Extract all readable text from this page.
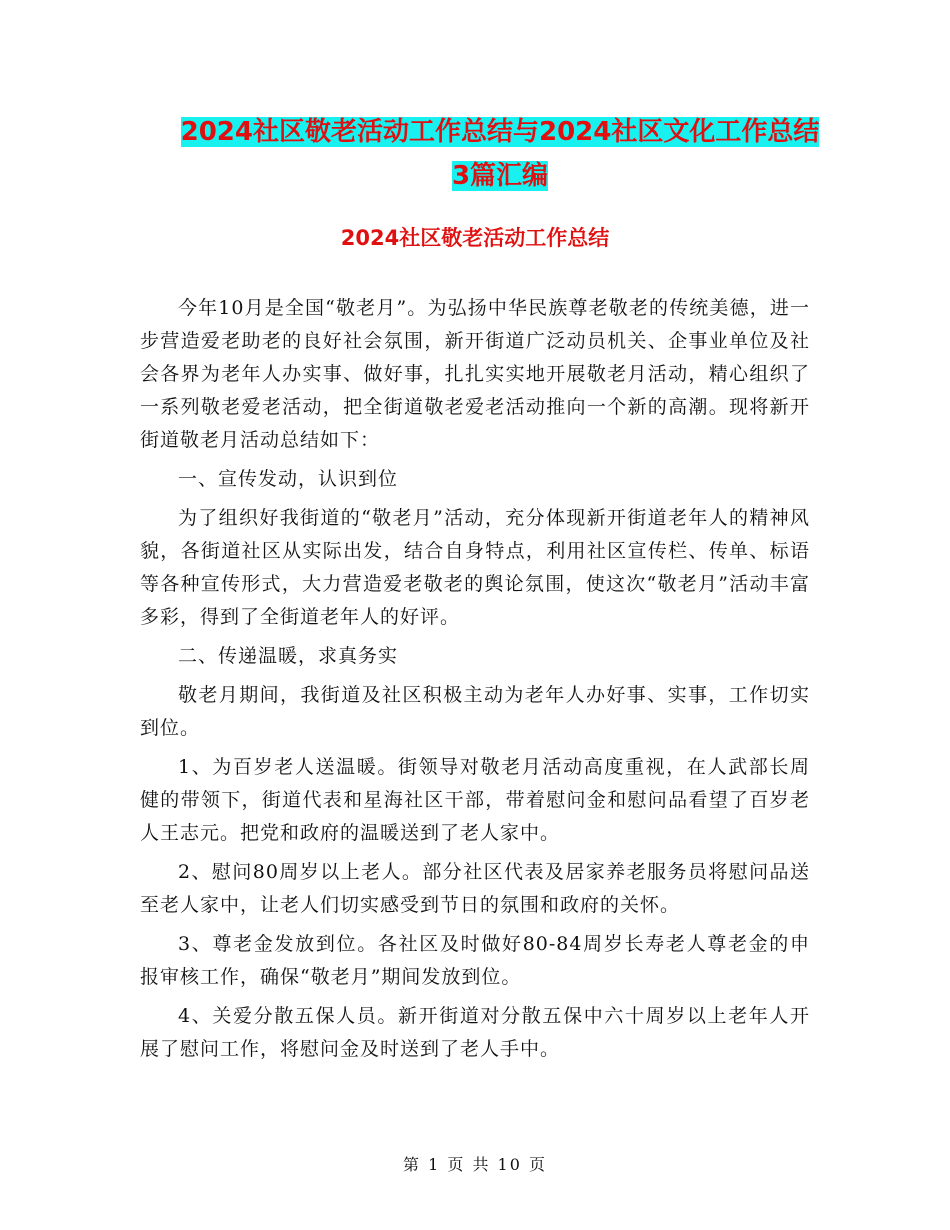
2024社区敬老活动工作总结与2024社区文化工作总结
3篇汇编
2024社区敬老活动工作总结

今年10月是全国“敬老月”。为弘扬中华民族尊老敬老的传统美德，进一步营造爱老助老的良好社会氛围，新开街道广泛动员机关、企事业单位及社会各界为老年人办实事、做好事，扎扎实实地开展敬老月活动，精心组织了一系列敬老爱老活动，把全街道敬老爱老活动推向一个新的高潮。现将新开街道敬老月活动总结如下：

一、宣传发动，认识到位

为了组织好我街道的“敬老月”活动，充分体现新开街道老年人的精神风貌，各街道社区从实际出发，结合自身特点，利用社区宣传栏、传单、标语等各种宣传形式，大力营造爱老敬老的舆论氛围，使这次“敬老月”活动丰富多彩，得到了全街道老年人的好评。

二、传递温暖，求真务实

敬老月期间，我街道及社区积极主动为老年人办好事、实事，工作切实到位。

1、为百岁老人送温暖。街领导对敬老月活动高度重视，在人武部长周健的带领下，街道代表和星海社区干部，带着慰问金和慰问品看望了百岁老人王志元。把党和政府的温暖送到了老人家中。

2、慰问80周岁以上老人。部分社区代表及居家养老服务员将慰问品送至老人家中，让老人们切实感受到节日的氛围和政府的关怀。

3、尊老金发放到位。各社区及时做好80-84周岁长寿老人尊老金的申报审核工作，确保“敬老月”期间发放到位。

4、关爱分散五保人员。新开街道对分散五保中六十周岁以上老年人开展了慰问工作，将慰问金及时送到了老人手中。

第 1 页 共 10 页
